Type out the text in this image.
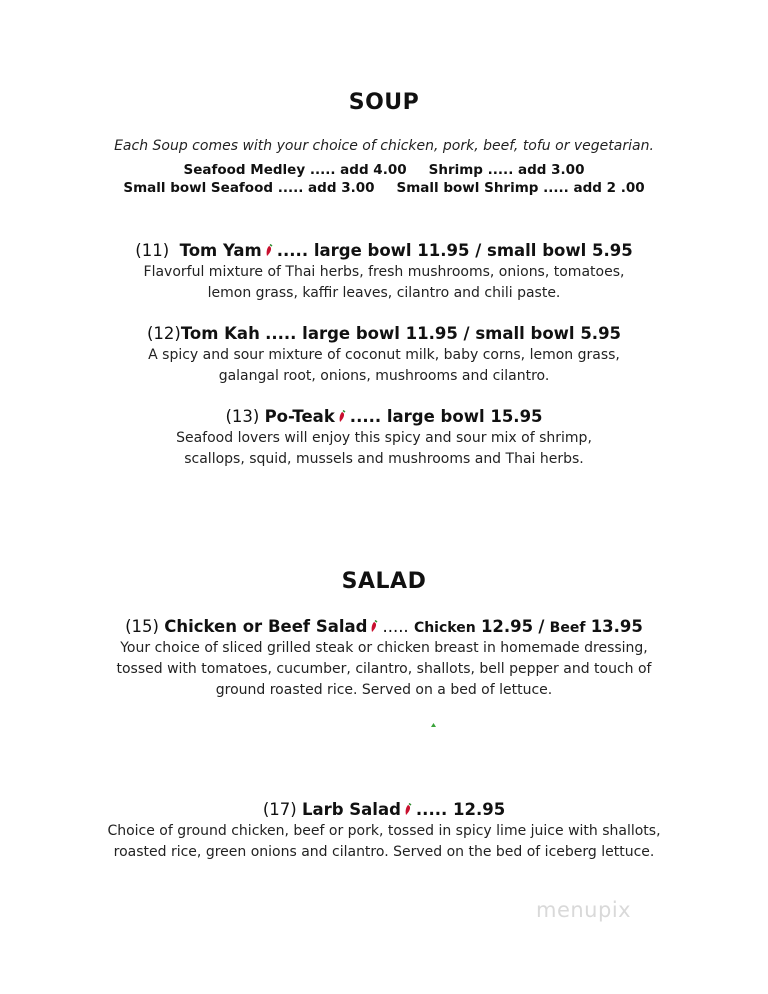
SOUP
Each Soup comes with your choice of chicken, pork, beef, tofu or vegetarian.
Seafood Medley ..... add 4.00 Shrimp ..... add 3.00
Small bowl Seafood ..... add 3.00 Small bowl Shrimp ..... add 2 .00
(11) Tom Yam ..... large bowl 11.95 / small bowl 5.95
Flavorful mixture of Thai herbs, fresh mushrooms, onions, tomatoes,
lemon grass, kaffir leaves, cilantro and chili paste.
(12)Tom Kah ..... large bowl 11.95 / small bowl 5.95
A spicy and sour mixture of coconut milk, baby corns, lemon grass,
galangal root, onions, mushrooms and cilantro.
(13) Po-Teak ..... large bowl 15.95
Seafood lovers will enjoy this spicy and sour mix of shrimp,
scallops, squid, mussels and mushrooms and Thai herbs.
SALAD
(15) Chicken or Beef Salad ..... Chicken 12.95 / Beef 13.95
Your choice of sliced grilled steak or chicken breast in homemade dressing,
tossed with tomatoes, cucumber, cilantro, shallots, bell pepper and touch of
ground roasted rice. Served on a bed of lettuce.
(17) Larb Salad ..... 12.95
Choice of ground chicken, beef or pork, tossed in spicy lime juice with shallots,
roasted rice, green onions and cilantro. Served on the bed of iceberg lettuce.
menupix
